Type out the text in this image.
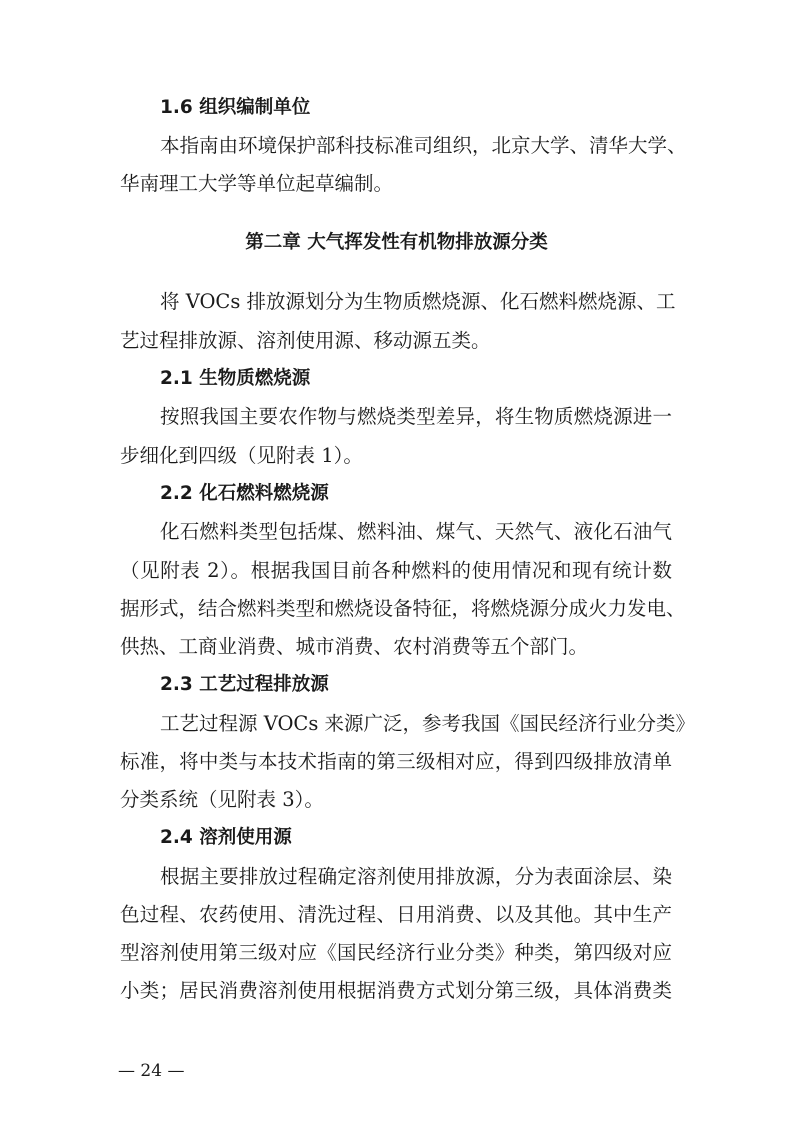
1.6 组织编制单位
本指南由环境保护部科技标准司组织，北京大学、清华大学、
华南理工大学等单位起草编制。
第二章 大气挥发性有机物排放源分类
将 VOCs 排放源划分为生物质燃烧源、化石燃料燃烧源、工
艺过程排放源、溶剂使用源、移动源五类。
2.1 生物质燃烧源
按照我国主要农作物与燃烧类型差异，将生物质燃烧源进一
步细化到四级（见附表 1）。
2.2 化石燃料燃烧源
化石燃料类型包括煤、燃料油、煤气、天然气、液化石油气
（见附表 2）。根据我国目前各种燃料的使用情况和现有统计数
据形式，结合燃料类型和燃烧设备特征，将燃烧源分成火力发电、
供热、工商业消费、城市消费、农村消费等五个部门。
2.3 工艺过程排放源
工艺过程源 VOCs 来源广泛，参考我国《国民经济行业分类》
标准，将中类与本技术指南的第三级相对应，得到四级排放清单
分类系统（见附表 3）。
2.4 溶剂使用源
根据主要排放过程确定溶剂使用排放源，分为表面涂层、染
色过程、农药使用、清洗过程、日用消费、以及其他。其中生产
型溶剂使用第三级对应《国民经济行业分类》种类，第四级对应
小类；居民消费溶剂使用根据消费方式划分第三级，具体消费类
— 24 —
